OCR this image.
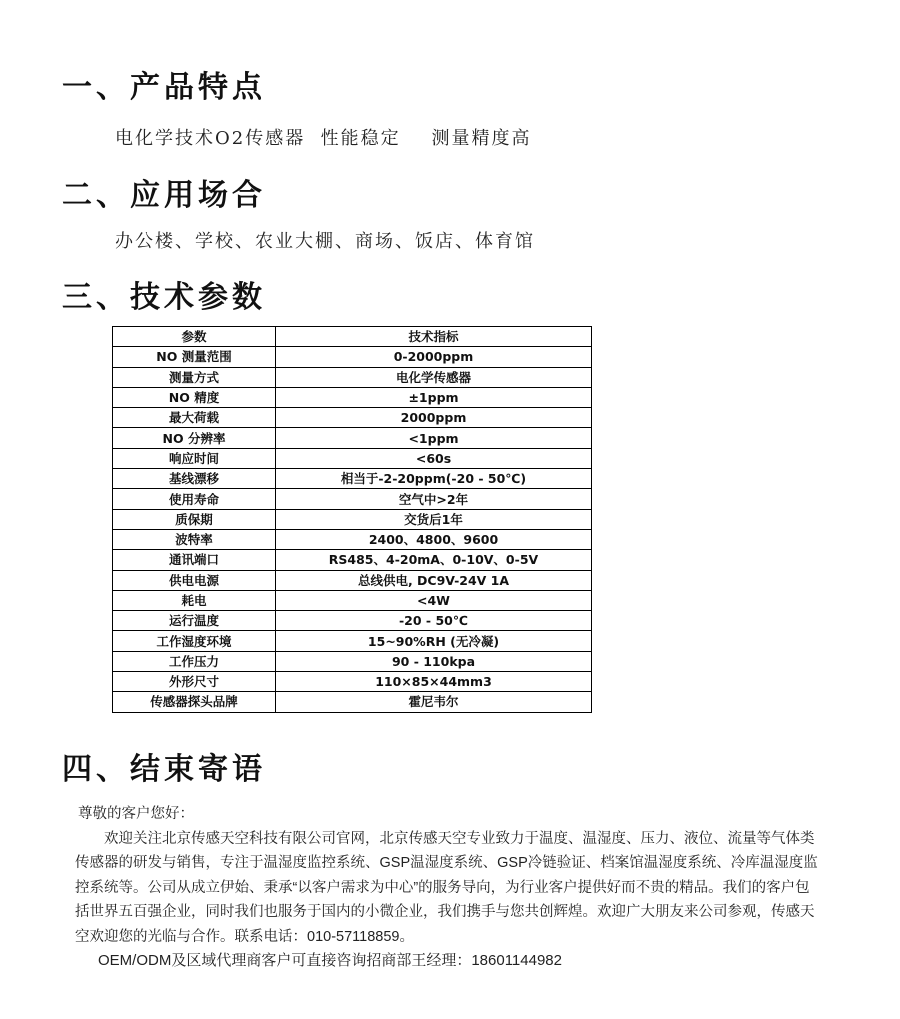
一、产品特点
电化学技术O2传感器  性能稳定    测量精度高
二、应用场合
办公楼、学校、农业大棚、商场、饭店、体育馆
三、技术参数
参数	技术指标
NO 测量范围	0-2000ppm
测量方式	电化学传感器
NO 精度	±1ppm
最大荷载	2000ppm
NO 分辨率	<1ppm
响应时间	<60s
基线漂移	相当于-2-20ppm(-20 - 50℃)
使用寿命	空气中>2年
质保期	交货后1年
波特率	2400、4800、9600
通讯端口	RS485、4-20mA、0-10V、0-5V
供电电源	总线供电, DC9V-24V 1A
耗电	<4W
运行温度	-20 - 50℃
工作湿度环境	15~90%RH (无冷凝)
工作压力	90 - 110kpa
外形尺寸	110×85×44mm3
传感器探头品牌	霍尼韦尔
四、结束寄语

尊敬的客户您好：

欢迎关注北京传感天空科技有限公司官网，北京传感天空专业致力于温度、温湿度、压力、液位、流量等气体类传感器的研发与销售，专注于温湿度监控系统、GSP温湿度系统、GSP冷链验证、档案馆温湿度系统、冷库温湿度监控系统等。公司从成立伊始、秉承“以客户需求为中心”的服务导向，为行业客户提供好而不贵的精品。我们的客户包括世界五百强企业，同时我们也服务于国内的小微企业，我们携手与您共创辉煌。欢迎广大朋友来公司参观，传感天空欢迎您的光临与合作。联系电话：010-57118859。

OEM/ODM及区域代理商客户可直接咨询招商部王经理：18601144982
